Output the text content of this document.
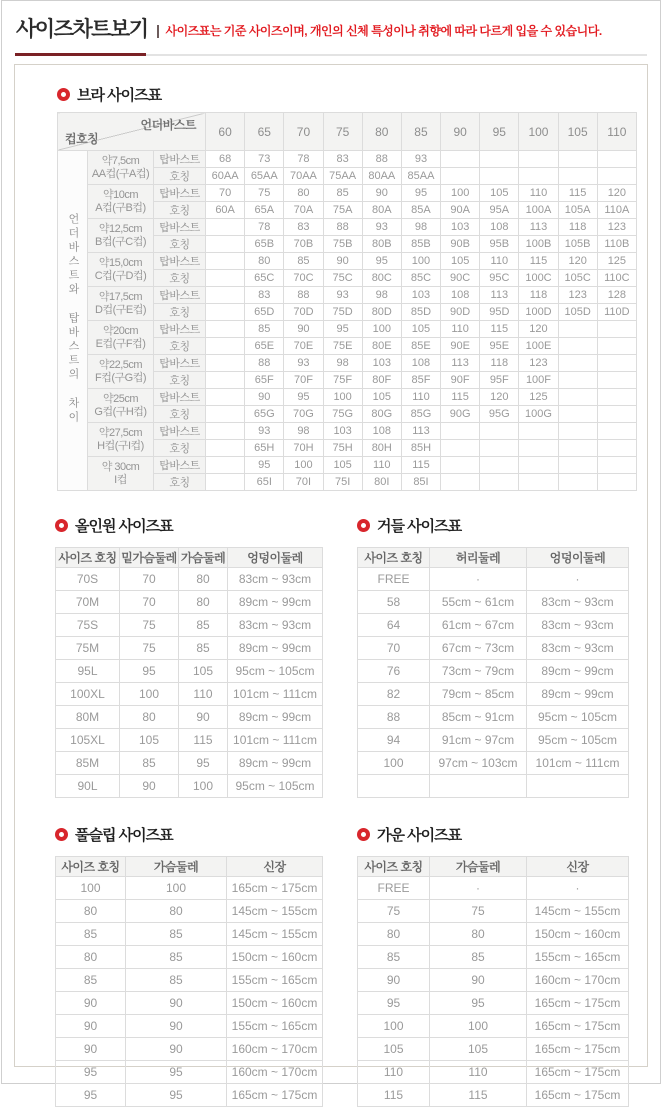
사이즈차트보기 사이즈표는 기준 사이즈이며, 개인의 신체 특성이나 취향에 따라 다르게 입을 수 있습니다.
브라 사이즈표
언더바스트
컵호칭			60	65	70	75	80	85	90	95	100	105	110
언더바스트와 탑바스트의 차이	약7,5cm
AA컵(구A컵)	탑바스트	68	73	78	83	88	93					
		호칭	60AA	65AA	70AA	75AA	80AA	85AA					

	약10cm
A컵(구B컵)	탑바스트	70	75	80	85	90	95	100	105	110	115	120
		호칭	60A	65A	70A	75A	80A	85A	90A	95A	100A	105A	110A

	약12,5cm
B컵(구C컵)	탑바스트		78	83	88	93	98	103	108	113	118	123
		호칭		65B	70B	75B	80B	85B	90B	95B	100B	105B	110B

	약15,0cm
C컵(구D컵)	탑바스트		80	85	90	95	100	105	110	115	120	125
		호칭		65C	70C	75C	80C	85C	90C	95C	100C	105C	110C

	약17,5cm
D컵(구E컵)	탑바스트		83	88	93	98	103	108	113	118	123	128
		호칭		65D	70D	75D	80D	85D	90D	95D	100D	105D	110D

	약20cm
E컵(구F컵)	탑바스트		85	90	95	100	105	110	115	120		
		호칭		65E	70E	75E	80E	85E	90E	95E	100E		

	약22,5cm
F컵(구G컵)	탑바스트		88	93	98	103	108	113	118	123		
		호칭		65F	70F	75F	80F	85F	90F	95F	100F		

	약25cm
G컵(구H컵)	탑바스트		90	95	100	105	110	115	120	125		
		호칭		65G	70G	75G	80G	85G	90G	95G	100G		

	약27,5cm
H컵(구I컵)	탑바스트		93	98	103	108	113					
		호칭		65H	70H	75H	80H	85H					

	약 30cm
I컵	탑바스트		95	100	105	110	115					
		호칭		65I	70I	75I	80I	85I					
올인원 사이즈표
사이즈 호칭	밑가슴둘레	가슴둘레	엉덩이둘레
70S	70	80	83cm ~ 93cm
70M	70	80	89cm ~ 99cm
75S	75	85	83cm ~ 93cm
75M	75	85	89cm ~ 99cm
95L	95	105	95cm ~ 105cm
100XL	100	110	101cm ~ 111cm
80M	80	90	89cm ~ 99cm
105XL	105	115	101cm ~ 111cm
85M	85	95	89cm ~ 99cm
90L	90	100	95cm ~ 105cm
거들 사이즈표
사이즈 호칭	허리둘레	엉덩이둘레
FREE	·	·
58	55cm ~ 61cm	83cm ~ 93cm
64	61cm ~ 67cm	83cm ~ 93cm
70	67cm ~ 73cm	83cm ~ 93cm
76	73cm ~ 79cm	89cm ~ 99cm
82	79cm ~ 85cm	89cm ~ 99cm
88	85cm ~ 91cm	95cm ~ 105cm
94	91cm ~ 97cm	95cm ~ 105cm
100	97cm ~ 103cm	101cm ~ 111cm

풀슬립 사이즈표
사이즈 호칭	가슴둘레	신장
100	100	165cm ~ 175cm
80	80	145cm ~ 155cm
85	85	145cm ~ 155cm
80	85	150cm ~ 160cm
85	85	155cm ~ 165cm
90	90	150cm ~ 160cm
90	90	155cm ~ 165cm
90	90	160cm ~ 170cm
95	95	160cm ~ 170cm
95	95	165cm ~ 175cm
가운 사이즈표
사이즈 호칭	가슴둘레	신장
FREE	·	·
75	75	145cm ~ 155cm
80	80	150cm ~ 160cm
85	85	155cm ~ 165cm
90	90	160cm ~ 170cm
95	95	165cm ~ 175cm
100	100	165cm ~ 175cm
105	105	165cm ~ 175cm
110	110	165cm ~ 175cm
115	115	165cm ~ 175cm
